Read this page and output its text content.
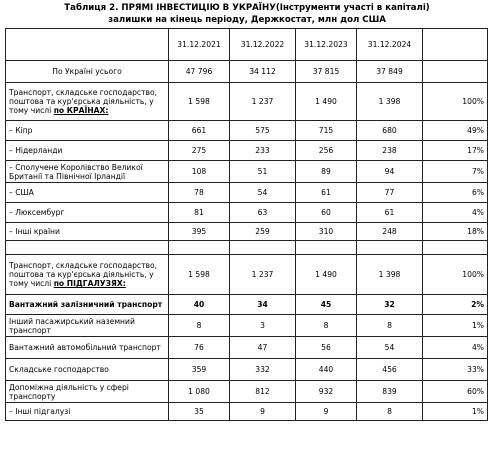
Таблиця 2. ПРЯМІ ІНВЕСТИЦІЮ В УКРАЇНУ(Інструменти участі в капіталі)
залишки на кінець періоду, Держкостат, млн дол США
	31.12.2021	31.12.2022	31.12.2023	31.12.2024	
По Україні усього	47 796	34 112	37 815	37 849	
Транспорт, складське господарство, поштова та кур'єрська діяльність, у тому числі по КРАЇНАХ:	1 598	1 237	1 490	1 398	100%
– Кіпр	661	575	715	680	49%
– Нідерланди	275	233	256	238	17%
– Сполучене Королівство Великої Британії та Північної Ірландії	108	51	89	94	7%
– США	78	54	61	77	6%
– Люксембург	81	63	60	61	4%
– Інші країни	395	259	310	248	18%

Транспорт, складське господарство, поштова та кур'єрська діяльність, у тому числі по ПІДГАЛУЗЯХ:	1 598	1 237	1 490	1 398	100%
Вантажний залізничний транспорт	40	34	45	32	2%
Інший пасажирський наземний транспорт	8	3	8	8	1%
Вантажний автомобільний транспорт	76	47	56	54	4%
Складське господарство	359	332	440	456	33%
Допоміжна діяльність у сфері транспорту	1 080	812	932	839	60%
– Інші підгалузі	35	9	9	8	1%
